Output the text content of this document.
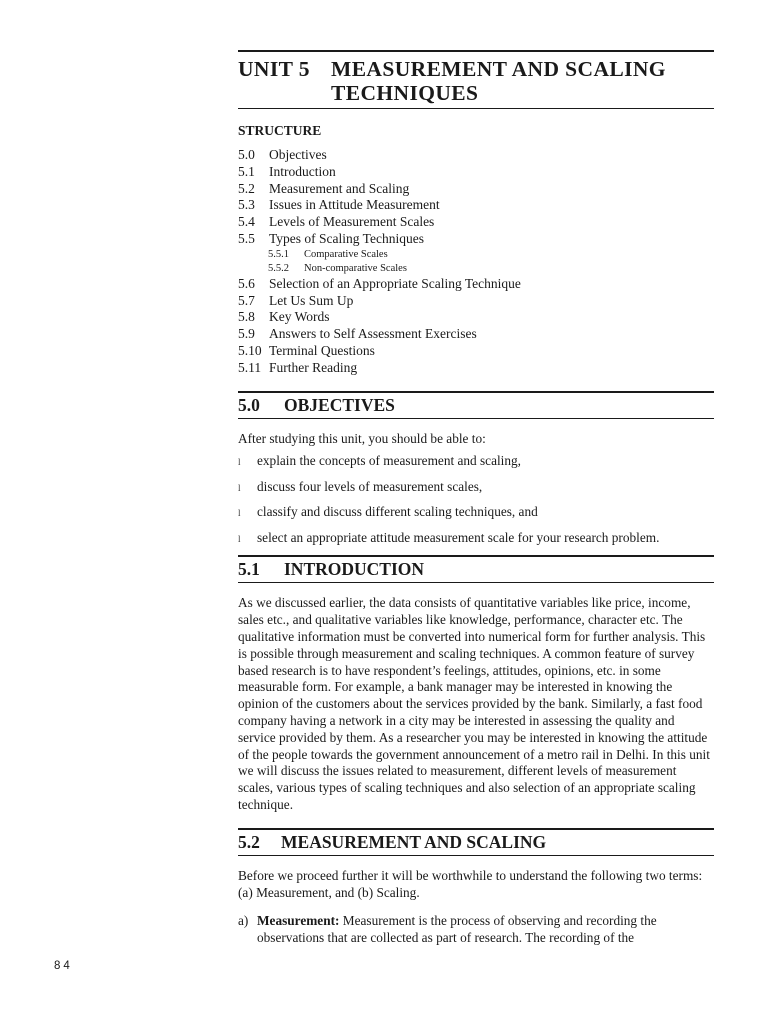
UNIT 5 MEASUREMENT AND SCALING TECHNIQUES
STRUCTURE
5.0	Objectives
5.1	Introduction
5.2	Measurement and Scaling
5.3	Issues in Attitude Measurement
5.4	Levels of Measurement Scales
5.5	Types of Scaling Techniques
5.5.1	Comparative Scales
5.5.2	Non-comparative Scales
5.6	Selection of an Appropriate Scaling Technique
5.7	Let Us Sum Up
5.8	Key Words
5.9	Answers to Self Assessment Exercises
5.10 Terminal Questions
5.11 Further Reading
5.0	OBJECTIVES

After studying this unit, you should be able to:

l	explain the concepts of measurement and scaling,
l	discuss four levels of measurement scales,
l	classify and discuss different scaling techniques, and
l	select an appropriate attitude measurement scale for your research problem.
5.1	INTRODUCTION

As we discussed earlier, the data consists of quantitative variables like price, income, sales etc., and qualitative variables like knowledge, performance, character etc. The qualitative information must be converted into numerical form for further analysis. This is possible through measurement and scaling techniques. A common feature of survey based research is to have respondent’s feelings, attitudes, opinions, etc. in some measurable form. For example, a bank manager may be interested in knowing the opinion of the customers about the services provided by the bank. Similarly, a fast food company having a network in a city may be interested in assessing the quality and service provided by them. As a researcher you may be interested in knowing the attitude of the people towards the government announcement of a metro rail in Delhi. In this unit we will discuss the issues related to measurement, different levels of measurement scales, various types of scaling techniques and also selection of an appropriate scaling technique.

5.2	MEASUREMENT AND SCALING

Before we proceed further it will be worthwhile to understand the following two terms: (a) Measurement, and (b) Scaling.

a) Measurement: Measurement is the process of observing and recording the observations that are collected as part of research. The recording of the
84
